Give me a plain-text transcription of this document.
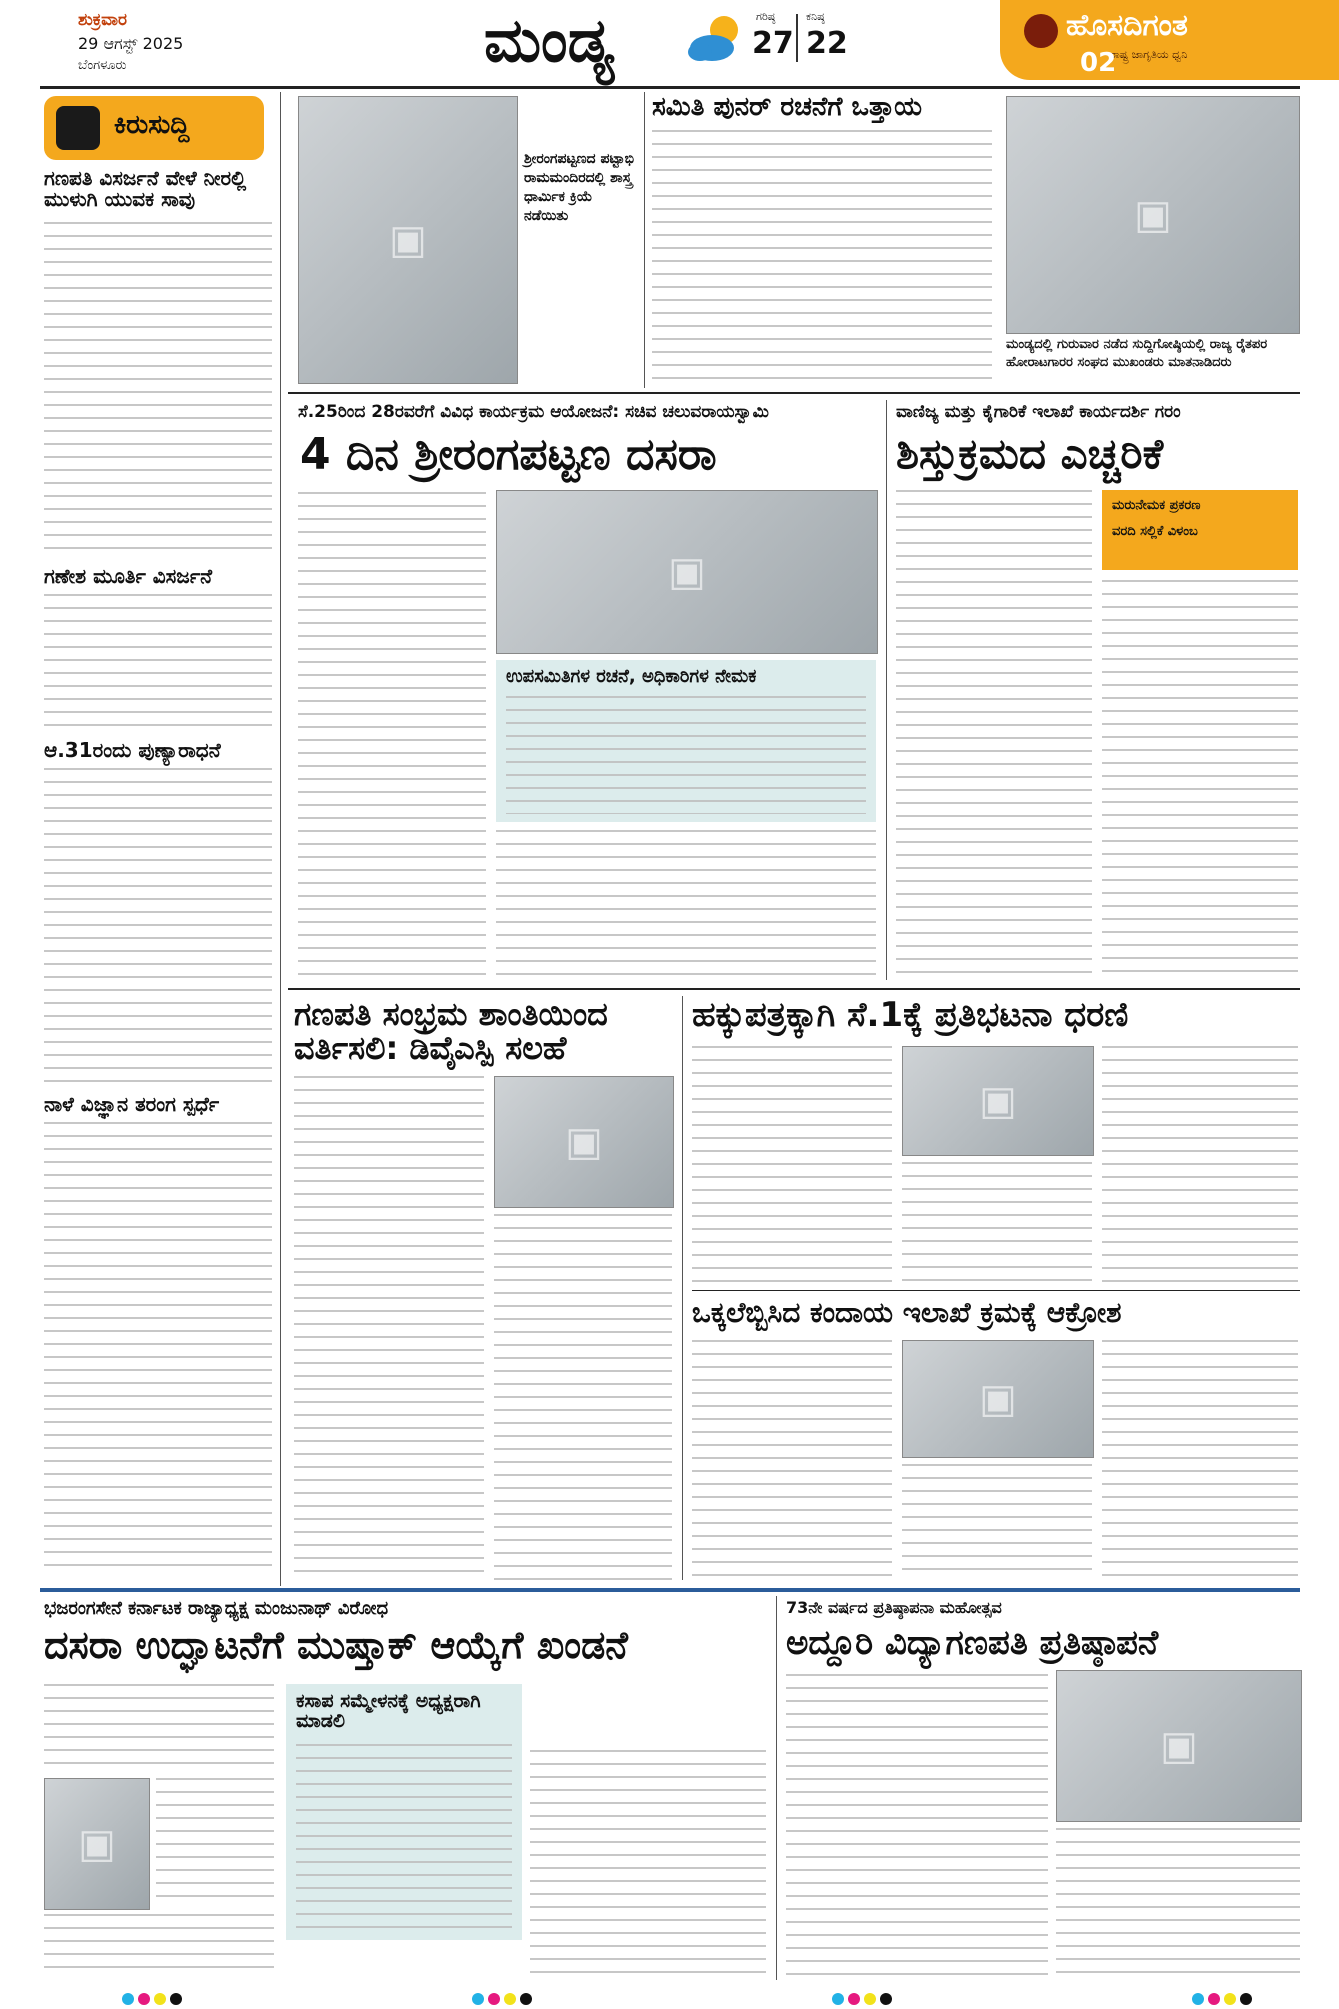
ಶುಕ್ರವಾರ
29 ಆಗಸ್ಟ್ 2025
ಬೆಂಗಳೂರು	ಮಂಡ್ಯ	ಗರಿಷ್ಠ
27
ಕನಿಷ್ಠ
22
ಹೊಸದಿಗಂತ
ರಾಷ್ಟ್ರ ಜಾಗೃತಿಯ ಧ್ವನಿ
02
ಕಿರುಸುದ್ದಿ
ಗಣಪತಿ ವಿಸರ್ಜನೆ ವೇಳೆ ನೀರಲ್ಲಿ ಮುಳುಗಿ ಯುವಕ ಸಾವು
ಗಣೇಶ ಮೂರ್ತಿ ವಿಸರ್ಜನೆ
ಆ.31ರಂದು ಪುಣ್ಯಾರಾಧನೆ
ನಾಳೆ ವಿಜ್ಞಾನ ತರಂಗ ಸ್ಪರ್ಧೆ
▣
ಶ್ರೀರಂಗಪಟ್ಟಣದ ಪಟ್ಟಾಭಿ ರಾಮಮಂದಿರದಲ್ಲಿ ಶಾಸ್ತ್ರ ಧಾರ್ಮಿಕ ಕ್ರಿಯೆ ನಡೆಯಿತು
ಸಮಿತಿ ಪುನರ್ ರಚನೆಗೆ ಒತ್ತಾಯ
▣
ಮಂಡ್ಯದಲ್ಲಿ ಗುರುವಾರ ನಡೆದ ಸುದ್ದಿಗೋಷ್ಠಿಯಲ್ಲಿ ರಾಜ್ಯ ರೈತಪರ ಹೋರಾಟಗಾರರ ಸಂಘದ ಮುಖಂಡರು ಮಾತನಾಡಿದರು
ಸೆ.25ರಿಂದ 28ರವರೆಗೆ ವಿವಿಧ ಕಾರ್ಯಕ್ರಮ ಆಯೋಜನೆ: ಸಚಿವ ಚಲುವರಾಯಸ್ವಾಮಿ
4 ದಿನ ಶ್ರೀರಂಗಪಟ್ಟಣ ದಸರಾ
▣
ಉಪಸಮಿತಿಗಳ ರಚನೆ, ಅಧಿಕಾರಿಗಳ ನೇಮಕ
ವಾಣಿಜ್ಯ ಮತ್ತು ಕೈಗಾರಿಕೆ ಇಲಾಖೆ ಕಾರ್ಯದರ್ಶಿ ಗರಂ
ಶಿಸ್ತುಕ್ರಮದ ಎಚ್ಚರಿಕೆ
ಮರುನೇಮಕ ಪ್ರಕರಣ
ವರದಿ ಸಲ್ಲಿಕೆ ವಿಳಂಬ
ಗಣಪತಿ ಸಂಭ್ರಮ ಶಾಂತಿಯಿಂದ ವರ್ತಿಸಲಿ: ಡಿವೈಎಸ್ಪಿ ಸಲಹೆ
▣
ಹಕ್ಕುಪತ್ರಕ್ಕಾಗಿ ಸೆ.1ಕ್ಕೆ ಪ್ರತಿಭಟನಾ ಧರಣಿ
▣
ಒಕ್ಕಲೆಬ್ಬಿಸಿದ ಕಂದಾಯ ಇಲಾಖೆ ಕ್ರಮಕ್ಕೆ ಆಕ್ರೋಶ
▣
ಭಜರಂಗಸೇನೆ ಕರ್ನಾಟಕ ರಾಜ್ಯಾಧ್ಯಕ್ಷ ಮಂಜುನಾಥ್ ವಿರೋಧ
ದಸರಾ ಉದ್ಘಾಟನೆಗೆ ಮುಷ್ತಾಕ್ ಆಯ್ಕೆಗೆ ಖಂಡನೆ
▣
ಕಸಾಪ ಸಮ್ಮೇಳನಕ್ಕೆ ಅಧ್ಯಕ್ಷರಾಗಿ ಮಾಡಲಿ
73ನೇ ವರ್ಷದ ಪ್ರತಿಷ್ಠಾಪನಾ ಮಹೋತ್ಸವ
ಅದ್ದೂರಿ ವಿದ್ಯಾಗಣಪತಿ ಪ್ರತಿಷ್ಠಾಪನೆ
▣
